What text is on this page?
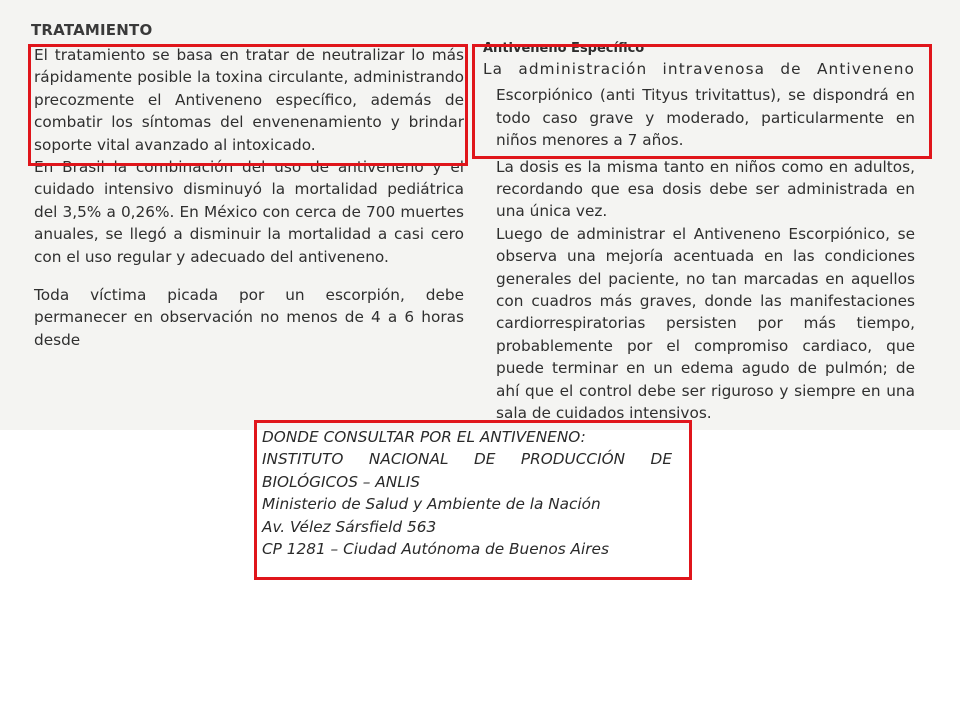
TRATAMIENTO

El tratamiento se basa en tratar de neutralizar lo más rápidamente posible la toxina circulante, administrando precozmente el Antiveneno específico, además de combatir los síntomas del envenenamiento y brindar soporte vital avanzado al intoxicado.

En Brasil la combinación del uso de antiveneno y el cuidado intensivo disminuyó la mortalidad pediátrica del 3,5% a 0,26%. En México con cerca de 700 muertes anuales, se llegó a disminuir la mortalidad a casi cero con el uso regular y adecuado del antiveneno.

Toda víctima picada por un escorpión, debe permanecer en observación no menos de 4 a 6 horas desde

Antiveneno Específico

La administración intravenosa de Antiveneno

Escorpiónico (anti Tityus trivitattus), se dispondrá en todo caso grave y moderado, particularmente en niños menores a 7 años.

La dosis es la misma tanto en niños como en adultos, recordando que esa dosis debe ser administrada en una única vez.

Luego de administrar el Antiveneno Escorpiónico, se observa una mejoría acentuada en las condiciones generales del paciente, no tan marcadas en aquellos con cuadros más graves, donde las manifestaciones cardiorrespiratorias persisten por más tiempo, probablemente por el compromiso cardiaco, que puede terminar en un edema agudo de pulmón; de ahí que el control debe ser riguroso y siempre en una sala de cuidados intensivos.

DONDE CONSULTAR POR EL ANTIVENENO:

INSTITUTO NACIONAL DE PRODUCCIÓN DE

BIOLÓGICOS – ANLIS

Ministerio de Salud y Ambiente de la Nación

Av. Vélez Sársfield 563

CP 1281 – Ciudad Autónoma de Buenos Aires
